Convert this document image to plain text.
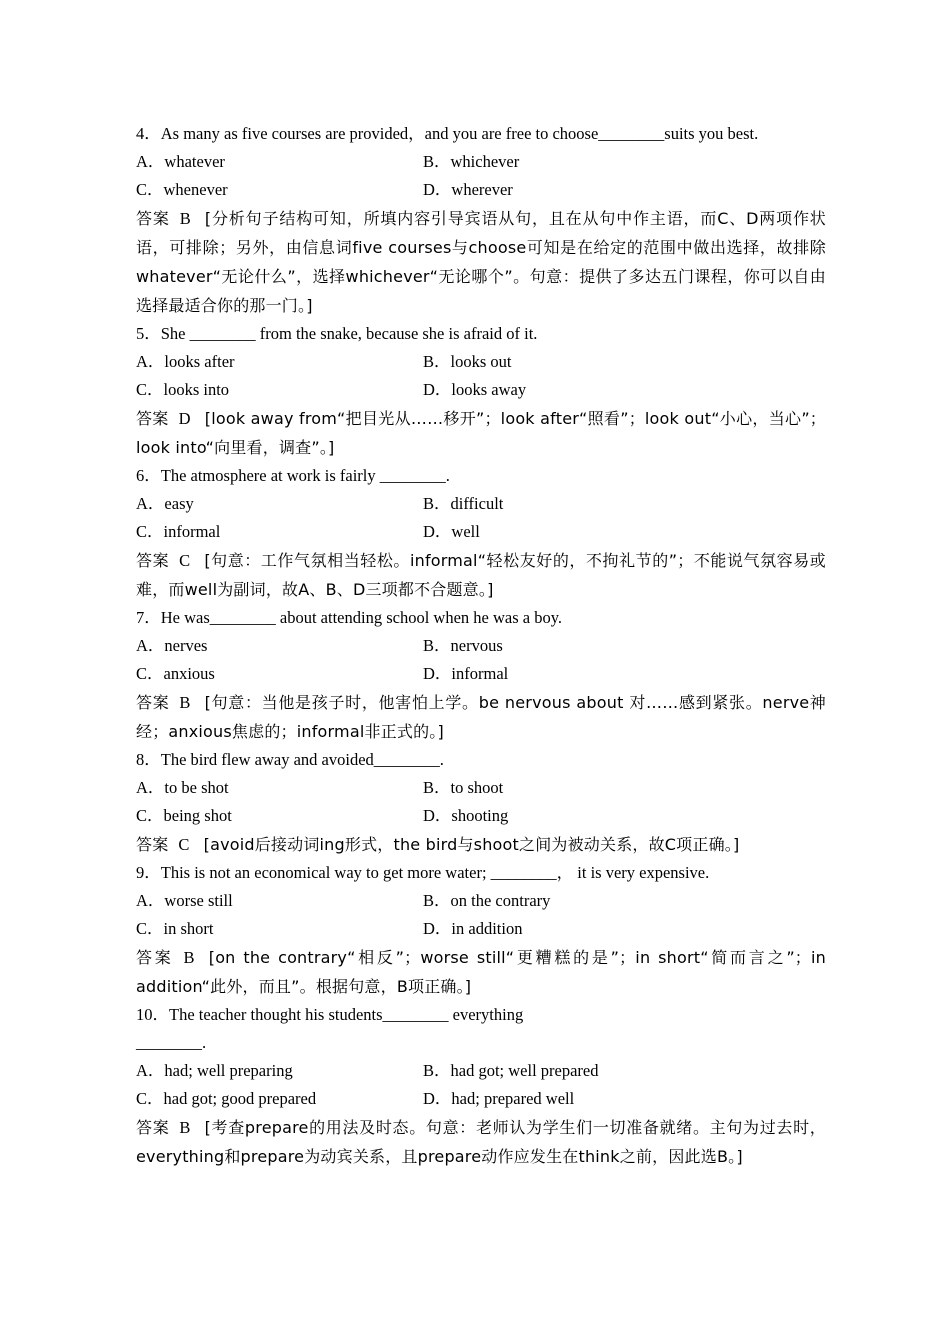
4．As many as five courses are provided，and you are free to choose________suits you best.
A．whatever	B．whichever
C．whenever	D．wherever
答案 B [分析句子结构可知，所填内容引导宾语从句，且在从句中作主语，而C、D两项作状语，可排除；另外，由信息词five courses与choose可知是在给定的范围中做出选择，故排除whatever“无论什么”，选择whichever“无论哪个”。句意：提供了多达五门课程，你可以自由选择最适合你的那一门。]
5．She ________ from the snake, because she is afraid of it.
A．looks after	B．looks out
C．looks into	D．looks away
答案 D [look away from“把目光从……移开”；look after“照看”；look out“小心，当心”；look into“向里看，调查”。]
6．The atmosphere at work is fairly ________.
A．easy	B．difficult
C．informal	D．well
答案 C [句意：工作气氛相当轻松。informal“轻松友好的，不拘礼节的”；不能说气氛容易或难，而well为副词，故A、B、D三项都不合题意。]
7．He was________ about attending school when he was a boy.
A．nerves	B．nervous
C．anxious	D．informal
答案 B [句意：当他是孩子时，他害怕上学。be nervous about 对……感到紧张。nerve神经；anxious焦虑的；informal非正式的。]
8．The bird flew away and avoided________.
A．to be shot	B．to shoot
C．being shot	D．shooting
答案 C [avoid后接动词ing形式，the bird与shoot之间为被动关系，故C项正确。]
9．This is not an economical way to get more water; ________， it is very expensive.
A．worse still	B．on the contrary
C．in short	D．in addition
答案 B [on the contrary“相反”；worse still“更糟糕的是”；in short“简而言之”；in addition“此外，而且”。根据句意，B项正确。]
10．The teacher thought his students________ everything
________.
A．had; well preparing	B．had got; well prepared
C．had got; good prepared	D．had; prepared well
答案 B [考查prepare的用法及时态。句意：老师认为学生们一切准备就绪。主句为过去时，everything和prepare为动宾关系，且prepare动作应发生在think之前，因此选B。]
